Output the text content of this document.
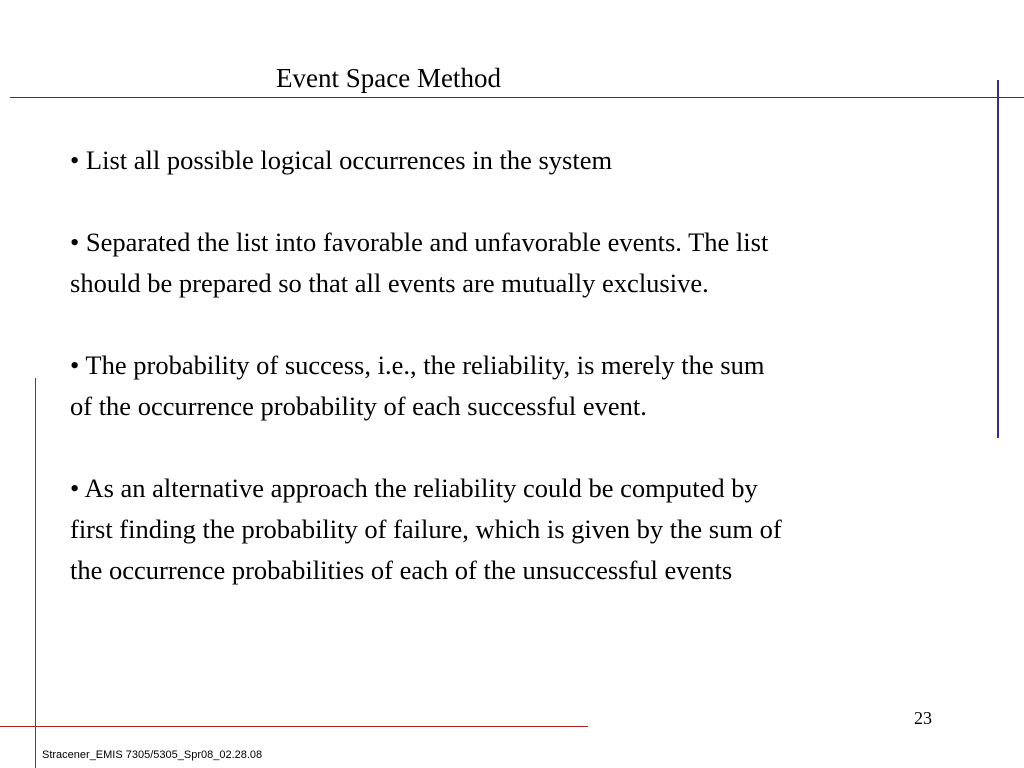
Event Space Method

• List all possible logical occurrences in the system

• Separated the list into favorable and unfavorable events. The list should be prepared so that all events are mutually exclusive.

• The probability of success, i.e., the reliability, is merely the sum of the occurrence probability of each successful event.

• As an alternative approach the reliability could be computed by first finding the probability of failure, which is given by the sum of the occurrence probabilities of each of the unsuccessful events

23
Stracener_EMIS 7305/5305_Spr08_02.28.08
